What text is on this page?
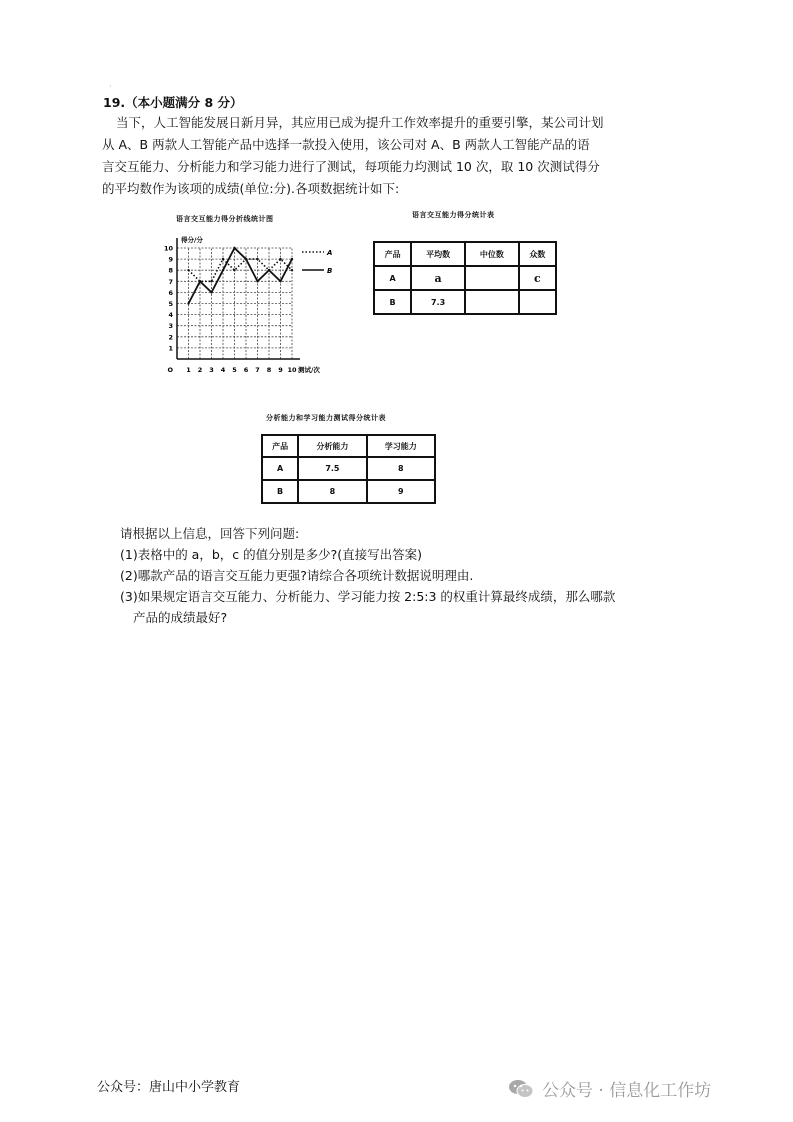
·
19.（本小题满分 8 分）
当下，人工智能发展日新月异，其应用已成为提升工作效率提升的重要引擎，某公司计划
从 A、B 两款人工智能产品中选择一款投入使用，该公司对 A、B 两款人工智能产品的语
言交互能力、分析能力和学习能力进行了测试，每项能力均测试 10 次，取 10 次测试得分
的平均数作为该项的成绩(单位:分).各项数据统计如下:
语言交互能力得分折线统计图
1
2
3
4
5
6
7
8
9
10
1 2 3 4 5 6 7 8 9 10
O
得分/分
测试/次
A
B
语言交互能力得分统计表
产品	平均数	中位数	众数
A	a		c
B	7.3		
分析能力和学习能力测试得分统计表
产品	分析能力	学习能力
A	7.5	8
B	8	9
请根据以上信息，回答下列问题:
(1)表格中的 a，b，c 的值分别是多少?(直接写出答案)
(2)哪款产品的语言交互能力更强?请综合各项统计数据说明理由.
(3)如果规定语言交互能力、分析能力、学习能力按 2:5:3 的权重计算最终成绩，那么哪款
产品的成绩最好?
公众号：唐山中小学教育	公众号 · 信息化工作坊
